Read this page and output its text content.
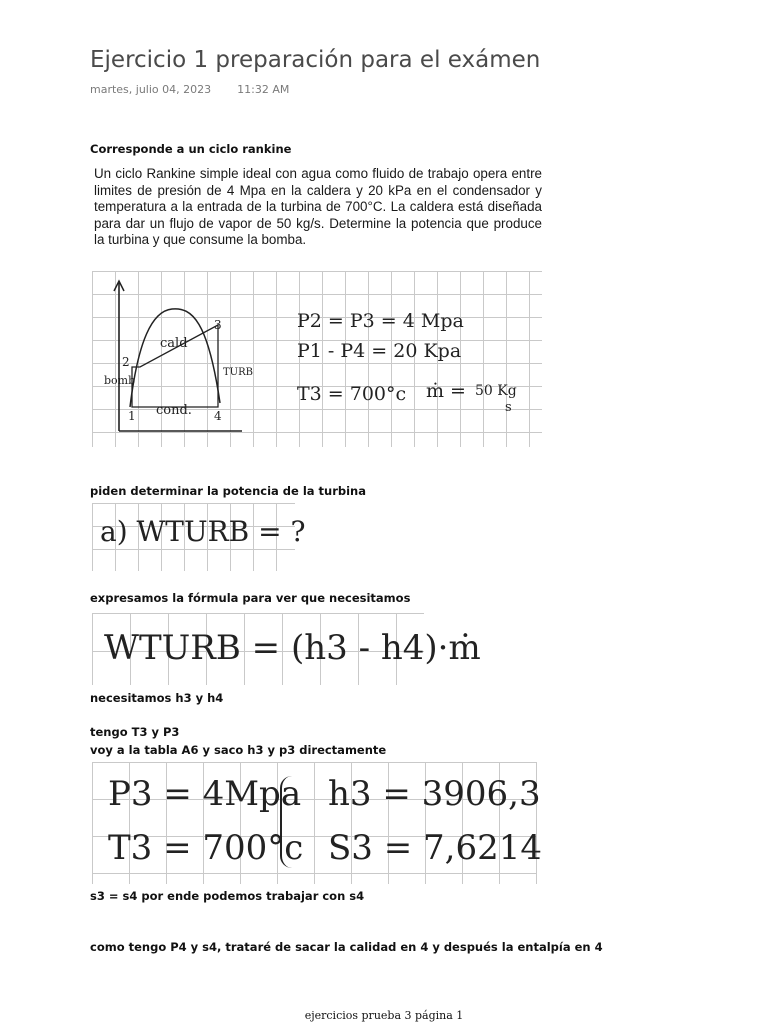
Ejercicio 1 preparación para el exámen
martes, julio 04, 2023 11:32 AM
Corresponde a un ciclo rankine
Un ciclo Rankine simple ideal con agua como fluido de trabajo opera entre limites de presión de 4 Mpa en la caldera y 20 kPa en el condensador y temperatura a la entrada de la turbina de 700°C. La caldera está diseñada para dar un flujo de vapor de 50 kg/s. Determine la potencia que produce la turbina y que consume la bomba.
cald
TURB
cond.
bomb
1
2
3
4
P2 = P3 = 4 Mpa
P1 - P4 = 20 Kpa
T3 = 700°c ṁ = 50 Kg
s
piden determinar la potencia de la turbina
a) WTURB = ?
expresamos la fórmula para ver que necesitamos
WTURB = (h3 - h4)·ṁ
necesitamos h3 y h4
tengo T3 y P3
voy a la tabla A6 y saco h3 y p3 directamente
P3 = 4Mpa
T3 = 700°c
h3 = 3906,3
S3 = 7,6214
s3 = s4 por ende podemos trabajar con s4
como tengo P4 y s4, trataré de sacar la calidad en 4 y después la entalpía en 4
ejercicios prueba 3 página 1
